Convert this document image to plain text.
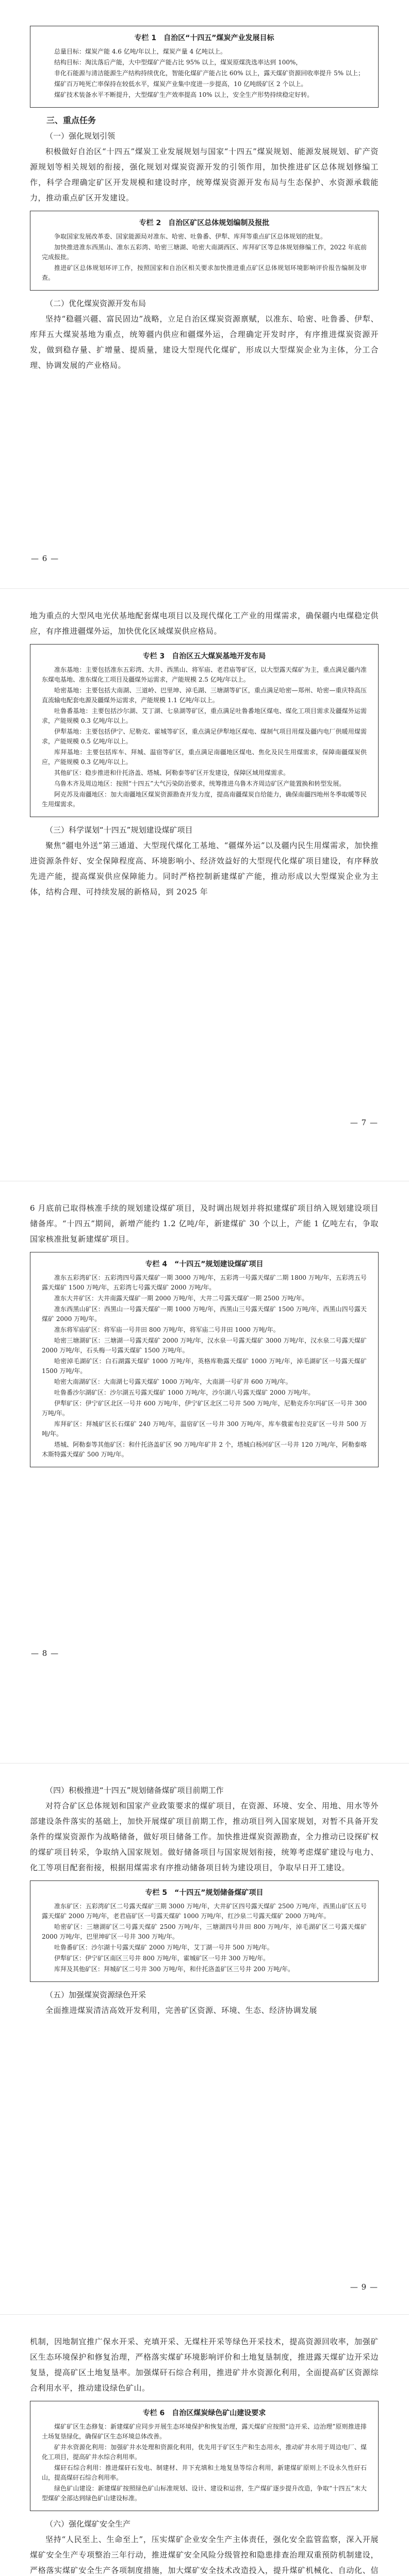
专栏 1　自治区“十四五”煤炭产业发展目标

总量目标：煤炭产能 4.6 亿吨/年以上，煤炭产量 4 亿吨以上。

结构目标：淘汰落后产能，大中型煤矿产能占比 95% 以上，煤炭原煤洗选率达到 100%，

非化石能源与清洁能源生产结构持续优化，智能化煤矿产能占比 60% 以上，露天煤矿资源回收率提升 5% 以上；

煤矿百万吨死亡率保持在较低水平，煤炭产业集中度进一步提高，10 亿吨级矿区 2 个以上。

煤矿技术装备水平不断提升，大型煤矿生产效率提高 10% 以上，安全生产形势持续稳定好转。

三、重点任务

（一）强化规划引领

积极做好自治区“十四五”煤炭工业发展规划与国家“十四五”煤炭规划、能源发展规划、矿产资源规划等相关规划的衔接，强化规划对煤炭资源开发的引领作用，加快推进矿区总体规划修编工作，科学合理确定矿区开发规模和建设时序，统筹煤炭资源开发布局与生态保护、水资源承载能力，推动重点矿区开发建设。

专栏 2　自治区矿区总体规划编制及报批

争取国家发展改革委、国家能源局对准东、哈密、吐鲁番、伊犁、库拜等重点矿区总体规划的批复。

加快推进准东西黑山、准东五彩湾、哈密三塘湖、哈密大南湖西区、库拜矿区等总体规划修编工作，2022 年底前完成报批。

推进矿区总体规划环评工作，按照国家和自治区相关要求加快推进重点矿区总体规划环境影响评价报告编制及审查。

（二）优化煤炭资源开发布局

坚持“稳疆兴疆、富民固边”战略，立足自治区煤炭资源禀赋，以准东、哈密、吐鲁番、伊犁、库拜五大煤炭基地为重点，统筹疆内供应和疆煤外运，合理确定开发时序，有序推进煤炭资源开发，做到稳存量、扩增量、提质量，建设大型现代化煤矿，形成以大型煤炭企业为主体，分工合理、协调发展的产业格局。

— 6 —

地为重点的大型风电光伏基地配套煤电项目以及现代煤化工产业的用煤需求，确保疆内电煤稳定供应，有序推进疆煤外运，加快优化区域煤炭供应格局。

专栏 3　自治区五大煤炭基地开发布局

准东基地：主要包括准东五彩湾、大井、西黑山、将军庙、老君庙等矿区，以大型露天煤矿为主，重点满足疆内准东煤电基地、准东煤化工项目及疆煤外运需求，产能规模 2.5 亿吨/年以上。

哈密基地：主要包括大南湖、三道岭、巴里坤、淖毛湖、三塘湖等矿区，重点满足哈密—郑州、哈密—重庆特高压直流输电配套电源及疆煤外运需求，产能规模 1.1 亿吨/年以上。

吐鲁番基地：主要包括沙尔湖、艾丁湖、七泉湖等矿区，重点满足吐鲁番地区煤电、煤化工项目需求及疆煤外运需求，产能规模 0.3 亿吨/年以上。

伊犁基地：主要包括伊宁、尼勒克、霍城等矿区，重点满足伊犁地区煤电、煤制气项目用煤及疆内电厂供暖用煤需求，产能规模 0.5 亿吨/年以上。

库拜基地：主要包括库车、拜城、温宿等矿区，重点满足南疆地区煤电、焦化及民生用煤需求，保障南疆煤炭供应，产能规模 0.3 亿吨/年以上。

其他矿区：稳步推进和什托洛盖、塔城、阿勒泰等矿区开发建设，保障区域用煤需求。

乌鲁木齐及周边地区：按照“十四五”大气污染防治要求，统筹推进乌鲁木齐周边矿区产能置换和转型发展。

阿克苏及南疆地区：加大南疆地区煤炭资源勘查开发力度，提高南疆煤炭自给能力，确保南疆四地州冬季取暖等民生用煤需求。

（三）科学谋划“十四五”规划建设煤矿项目

聚焦“疆电外送”第三通道、大型现代煤化工基地、“疆煤外运”以及疆内民生用煤需求，加快推进资源条件好、安全保障程度高、环境影响小、经济效益好的大型现代化煤矿项目建设，有序释放先进产能，提高煤炭供应保障能力。同时严格控制新建煤矿产能，推动形成以大型煤炭企业为主体，结构合理、可持续发展的新格局，到 2025 年

— 7 —

6 月底前已取得核准手续的规划建设煤矿项目，及时调出规划并将拟建煤矿项目纳入规划建设项目储备库。“十四五”期间，新增产能约 1.2 亿吨/年，新建煤矿 30 个以上，产能 1 亿吨左右，争取国家核准批复新建煤矿项目。

专栏 4　“十四五”规划建设煤矿项目

准东五彩湾矿区：五彩湾四号露天煤矿一期 3000 万吨/年，五彩湾一号露天煤矿二期 1800 万吨/年，五彩湾五号露天煤矿 1500 万吨/年，五彩湾七号露天煤矿 2000 万吨/年。

准东大井矿区：大井南露天煤矿一期 2000 万吨/年，大井二号露天煤矿一期 2500 万吨/年。

准东西黑山矿区：西黑山一号露天煤矿一期 1000 万吨/年，西黑山三号露天煤矿 1500 万吨/年，西黑山四号露天煤矿 2000 万吨/年。

准东将军庙矿区：将军庙一号井田 800 万吨/年，将军庙二号井田 1000 万吨/年。

哈密三塘湖矿区：三塘湖一号露天煤矿 2000 万吨/年，汉水泉一号露天煤矿 3000 万吨/年，汉水泉二号露天煤矿 2000 万吨/年，石头梅一号露天煤矿 1500 万吨/年。

哈密淖毛湖矿区：白石湖露天煤矿 1000 万吨/年，英格库勒露天煤矿 1000 万吨/年，淖毛湖矿区一号露天煤矿 1500 万吨/年。

哈密大南湖矿区：大南湖七号露天煤矿 1000 万吨/年，大南湖一号矿井 600 万吨/年。

吐鲁番沙尔湖矿区：沙尔湖五号露天煤矿 1000 万吨/年，沙尔湖八号露天煤矿 2000 万吨/年。

伊犁矿区：伊宁矿区北区一号井 600 万吨/年，伊宁矿区北区二号井 500 万吨/年，尼勒克乔尔玛矿区一号井 300 万吨/年。

库拜矿区：拜城矿区长石煤矿 240 万吨/年，温宿矿区一号井 300 万吨/年，库车俄霍布拉克矿区一号井 500 万吨/年。

塔城、阿勒泰等其他矿区：和什托洛盖矿区 90 万吨/年矿井 2 个，塔城白杨河矿区一号井 120 万吨/年，阿勒泰喀木斯特露天煤矿 500 万吨/年。

— 8 —

（四）积极推进“十四五”规划储备煤矿项目前期工作

对符合矿区总体规划和国家产业政策要求的煤矿项目，在资源、环境、安全、用地、用水等外部建设条件落实的基础上，加快开展煤矿项目前期工作，推动项目列入国家规划，对暂不具备开发条件的煤炭资源作为战略储备，做好项目储备工作。加快推进煤炭资源勘查，全力推动已设探矿权的煤矿项目转采，争取纳入国家规划。做好储备项目与国家规划衔接，统筹考虑煤矿建设与电力、化工等项目配套衔接，根据用煤需求有序推动储备项目转为建设项目，争取早日开工建设。

专栏 5　“十四五”规划储备煤矿项目

准东矿区：五彩湾矿区二号露天煤矿三期 3000 万吨/年，大井矿区四号露天煤矿 2500 万吨/年，西黑山矿区五号露天煤矿 2000 万吨/年，老君庙矿区一号露天煤矿 1000 万吨/年，红沙泉二号露天煤矿 2000 万吨/年。

哈密矿区：三塘湖矿区二号露天煤矿 2500 万吨/年，三塘湖四号井田 800 万吨/年，淖毛湖矿区二号露天煤矿 2000 万吨/年，巴里坤矿区一号井 300 万吨/年。

吐鲁番矿区：沙尔湖十号露天煤矿 2000 万吨/年，艾丁湖一号井 500 万吨/年。

伊犁矿区：伊宁矿区南区三号井 800 万吨/年，霍城矿区一号井 300 万吨/年。

库拜及其他矿区：拜城矿区二号井 300 万吨/年，和什托洛盖矿区三号井 200 万吨/年。

（五）加强煤炭资源绿色开采

全面推进煤炭清洁高效开发利用，完善矿区资源、环境、生态、经济协调发展

— 9 —

机制，因地制宜推广保水开采、充填开采、无煤柱开采等绿色开采技术，提高资源回收率，加强矿区生态环境保护和修复治理，严格落实煤矿环境影响评价和土地复垦制度，推进露天煤矿边开采边复垦，提高矿区土地复垦率。加强煤矸石综合利用，推进矿井水资源化利用，全面提高矿区资源综合利用水平，推动建设绿色矿山。

专栏 6　自治区煤炭绿色矿山建设要求

煤矿矿区生态修复：新建煤矿应同步开展生态环境保护和恢复治理，露天煤矿应按照“边开采、边治理”原则推进排土场复垦绿化，确保矿区生态环境总体改善。

矿井水资源化利用：加强矿井水处理和资源化利用，优先用于矿区生产和生态用水，推动矿井水用于周边电厂、煤化工项目，提高矿井水综合利用率。

煤矸石综合利用：推进煤矸石发电、制建材、井下充填和土地复垦等综合利用，新建煤矿原则上不设永久性矸石山，提高煤矸石综合利用率。

绿色矿山建设：新建煤矿按照绿色矿山标准规划、设计、建设和运营，生产煤矿逐步提升改造，争取“十四五”末大型煤矿全部达到绿色矿山建设标准。

（六）强化煤矿安全生产

坚持“人民至上、生命至上”，压实煤矿企业安全生产主体责任，强化安全监管监察，深入开展煤矿安全生产专项整治三年行动，推进煤矿安全风险分级管控和隐患排查治理双重预防机制建设，严格落实煤矿安全生产各项制度措施，加大煤矿安全技术改造投入，提升煤矿机械化、自动化、信
